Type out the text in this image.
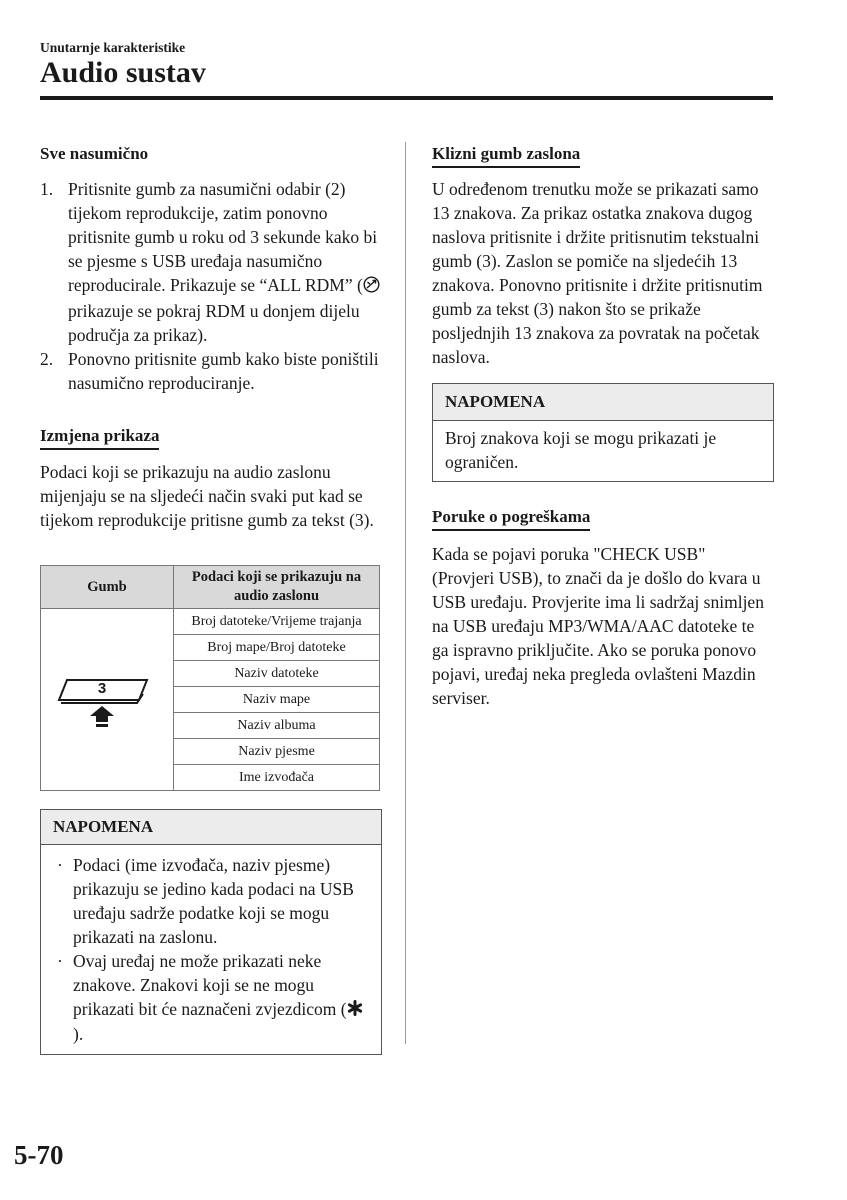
Unutarnje karakteristike
Audio sustav
Sve nasumično
1. Pritisnite gumb za nasumični odabir (2) tijekom reprodukcije, zatim ponovno pritisnite gumb u roku od 3 sekunde kako bi se pjesme s USB uređaja nasumično reproducirale. Prikazuje se “ALL RDM” ( prikazuje se pokraj RDM u donjem dijelu područja za prikaz).
2. Ponovno pritisnite gumb kako biste poništili nasumično reproduciranje.
Izmjena prikaza
Podaci koji se prikazuju na audio zaslonu mijenjaju se na sljedeći način svaki put kad se tijekom reprodukcije pritisne gumb za tekst (3).
Gumb	Podaci koji se prikazuju na audio zaslonu

3	Broj datoteke/Vrijeme trajanja
	Broj mape/Broj datoteke
	Naziv datoteke
	Naziv mape
	Naziv albuma
	Naziv pjesme
	Ime izvođača
NAPOMENA
· Podaci (ime izvođača, naziv pjesme) prikazuju se jedino kada podaci na USB uređaju sadrže podatke koji se mogu prikazati na zaslonu.
· Ovaj uređaj ne može prikazati neke znakove. Znakovi koji se ne mogu prikazati bit će naznačeni zvjezdicom ().
Klizni gumb zaslona
U određenom trenutku može se prikazati samo 13 znakova. Za prikaz ostatka znakova dugog naslova pritisnite i držite pritisnutim tekstualni gumb (3). Zaslon se pomiče na sljedećih 13 znakova. Ponovno pritisnite i držite pritisnutim gumb za tekst (3) nakon što se prikaže posljednjih 13 znakova za povratak na početak naslova.
NAPOMENA
Broj znakova koji se mogu prikazati je ograničen.
Poruke o pogreškama
Kada se pojavi poruka "CHECK USB" (Provjeri USB), to znači da je došlo do kvara u USB uređaju. Provjerite ima li sadržaj snimljen na USB uređaju MP3/WMA/AAC datoteke te ga ispravno priključite. Ako se poruka ponovo pojavi, uređaj neka pregleda ovlašteni Mazdin serviser.
5-70
